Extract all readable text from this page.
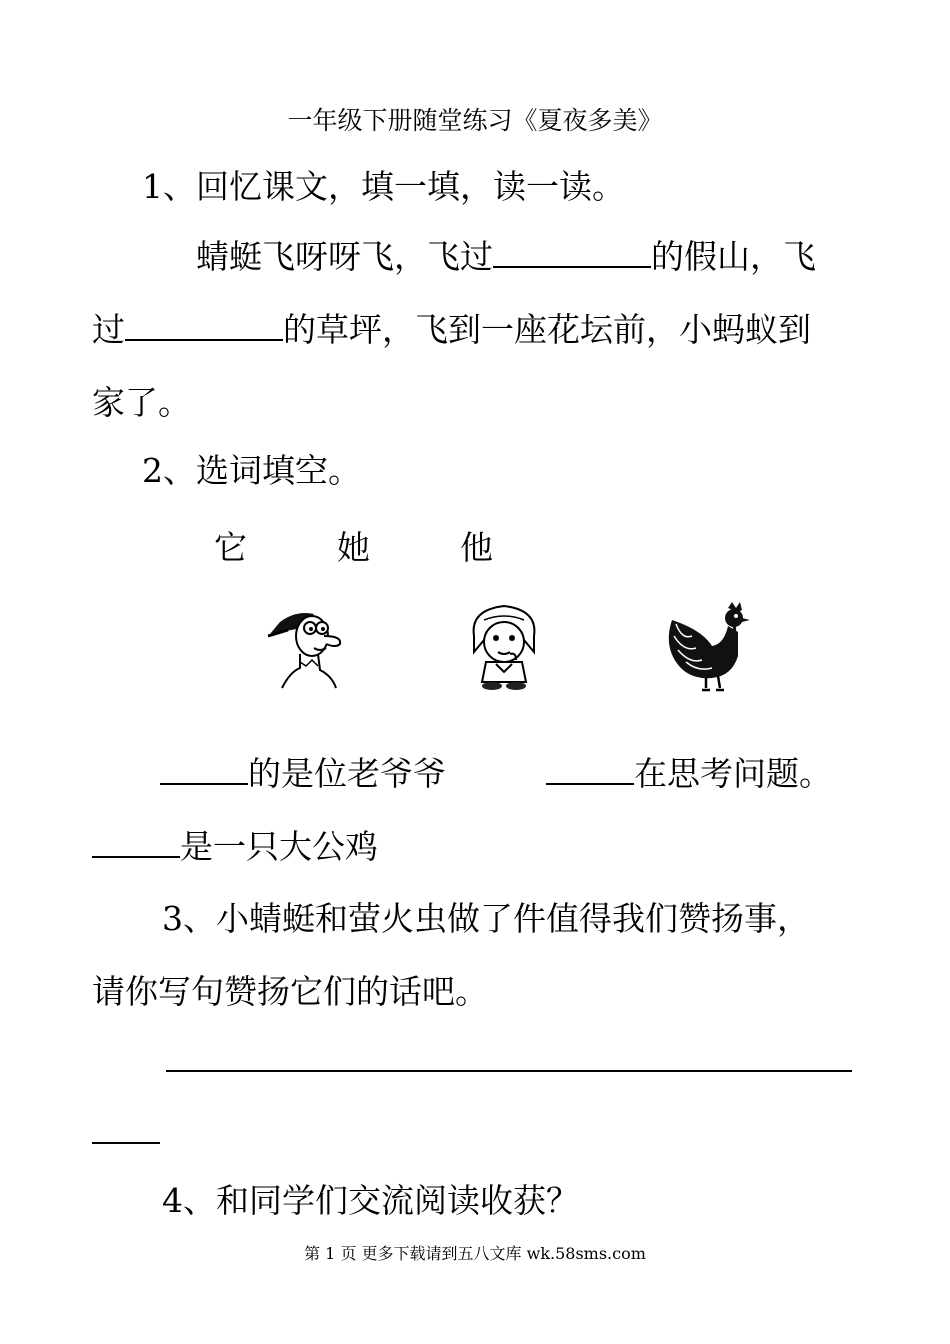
一年级下册随堂练习《夏夜多美》
1、回忆课文，填一填，读一读。
蜻蜓飞呀呀飞，飞过	的假山，飞
过	的草坪，飞到一座花坛前，小蚂蚁到
家了。
2、选词填空。
它	她	他
的是位老爷爷	在思考问题。
是一只大公鸡
3、小蜻蜓和萤火虫做了件值得我们赞扬事，
请你写句赞扬它们的话吧。
4、和同学们交流阅读收获？
第 1 页 更多下载请到五八文库 wk.58sms.com
